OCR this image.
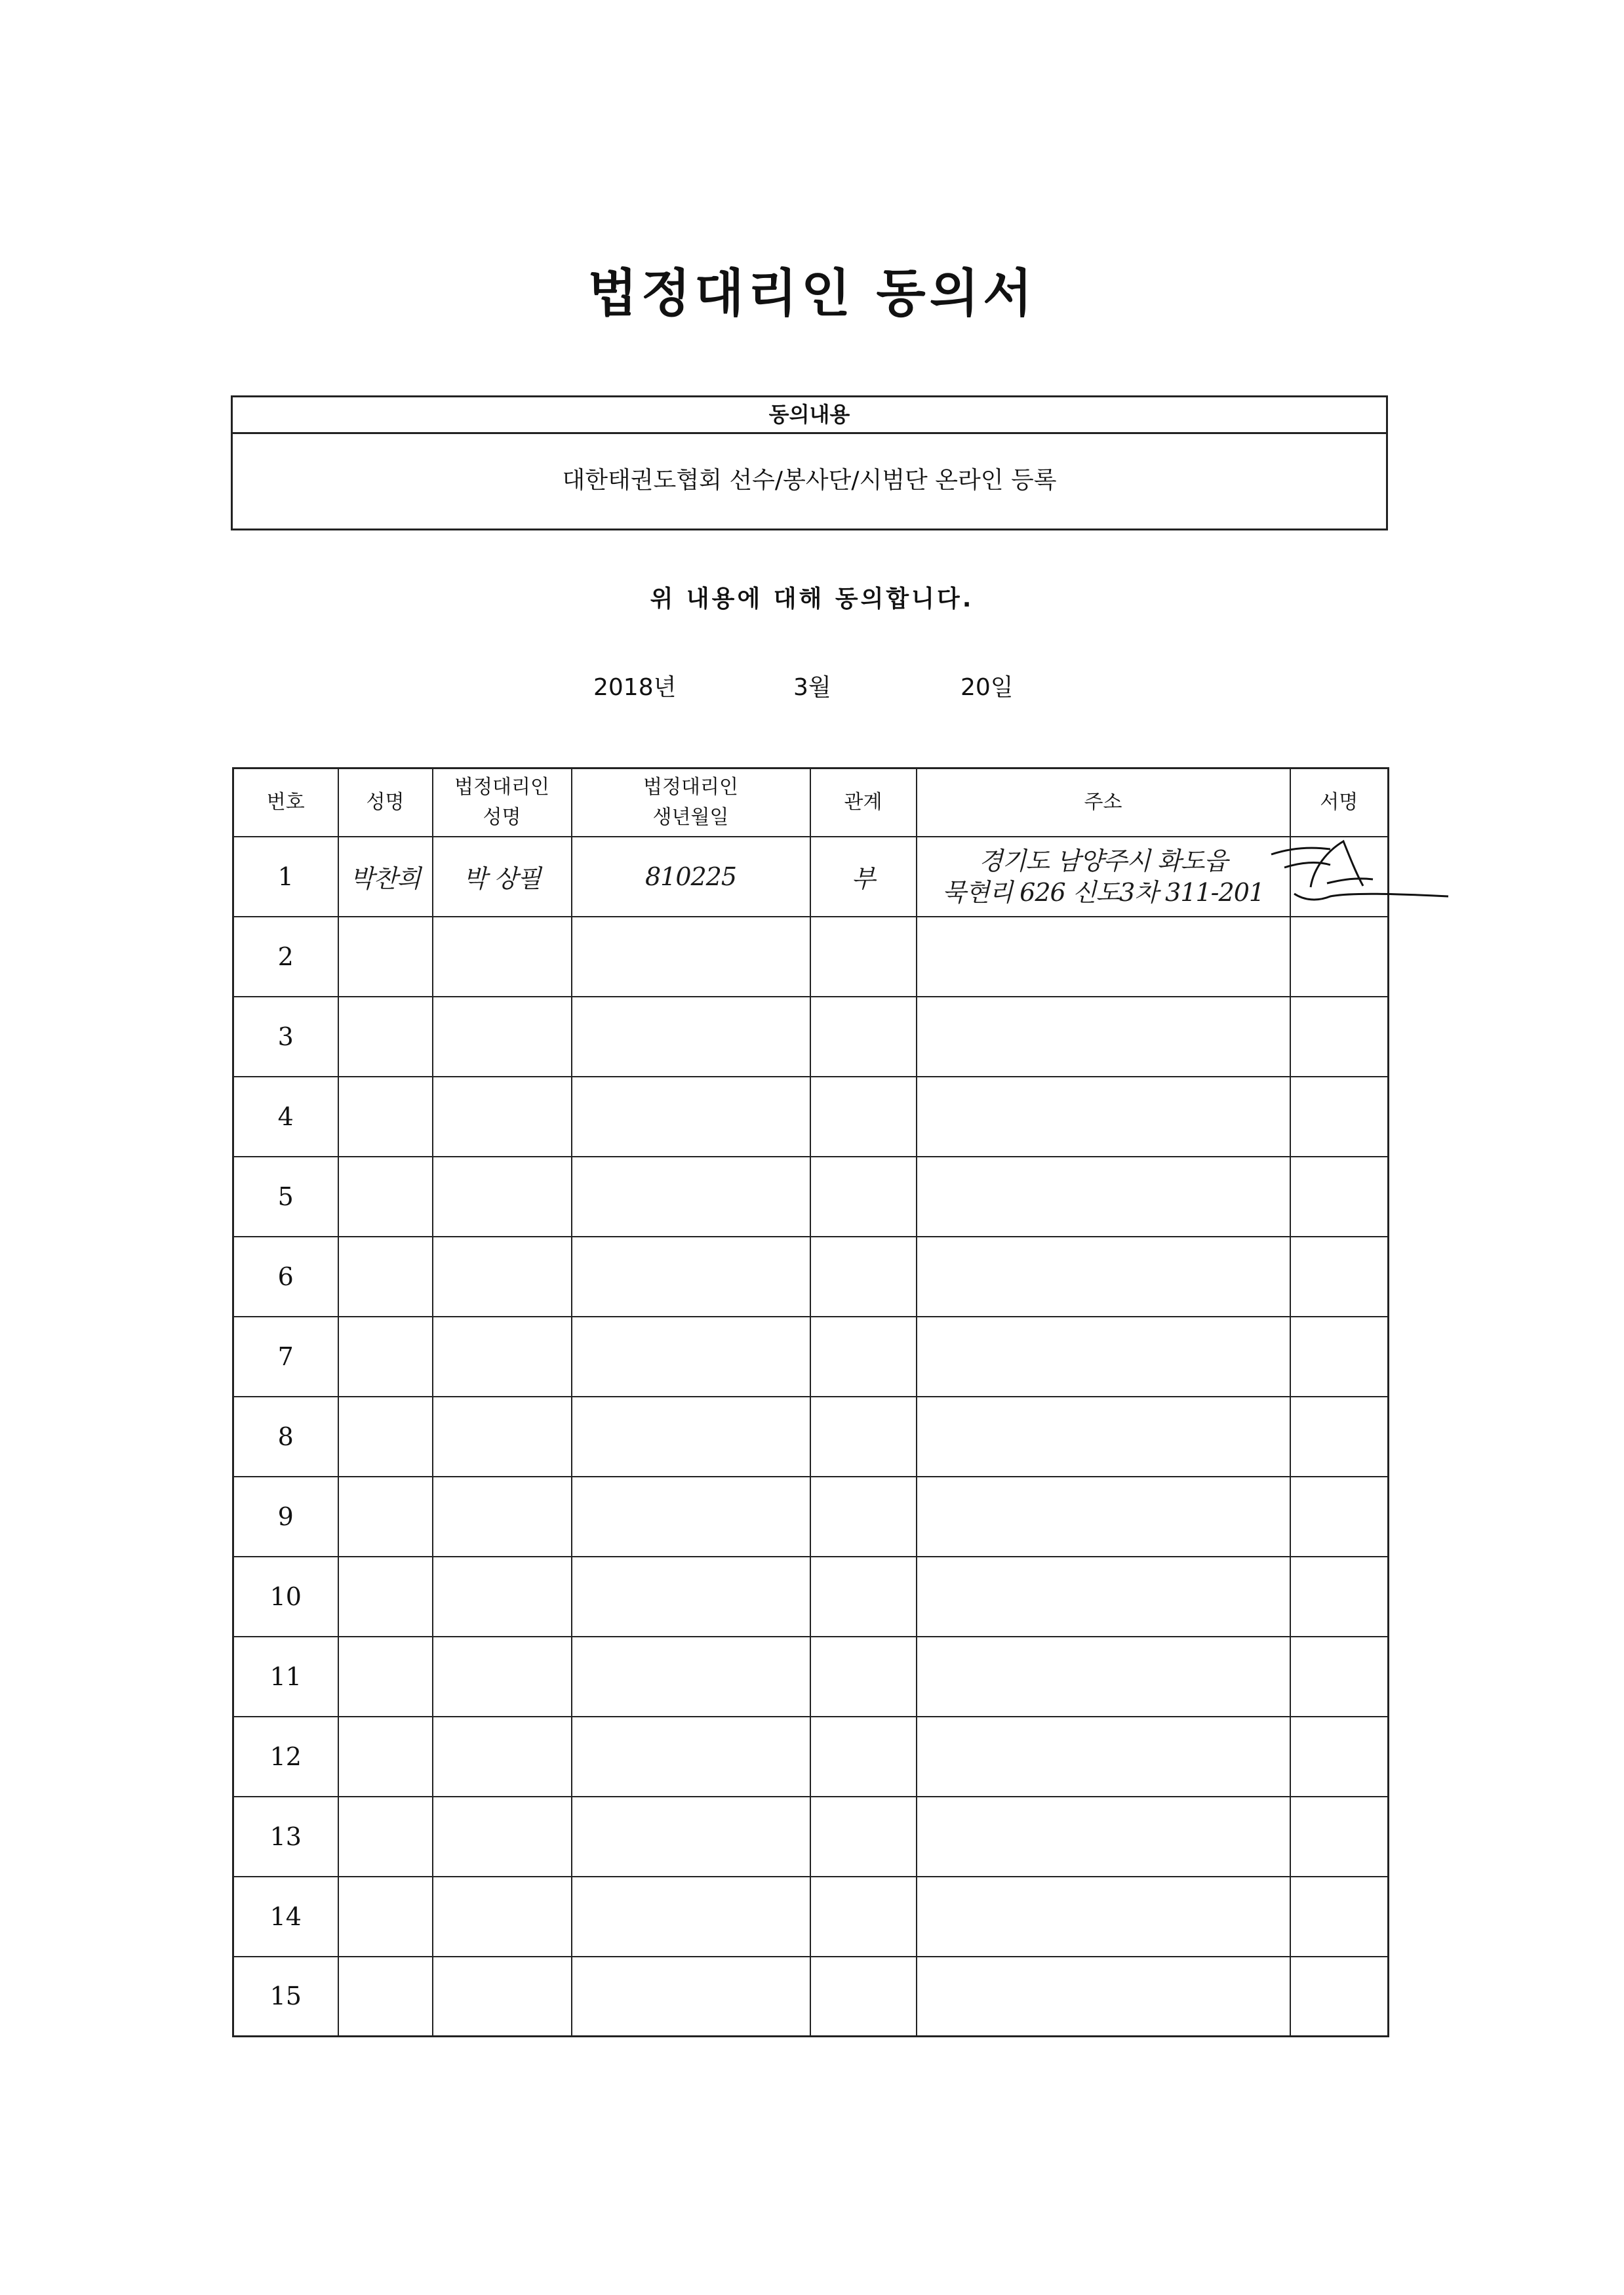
법정대리인 동의서
동의내용
대한태권도협회 선수/봉사단/시범단 온라인 등록
위 내용에 대해 동의합니다.
2018년	3월	20일
번호	성명	법정대리인 성명	법정대리인 생년월일	관계	주소	서명
1	박찬희	박 상필	810225	부	경기도 남양주시 화도읍
묵현리 626 신도3차 311-201

2						
3						
4						
5						
6						
7						
8						
9						
10						
11						
12						
13						
14						
15						
